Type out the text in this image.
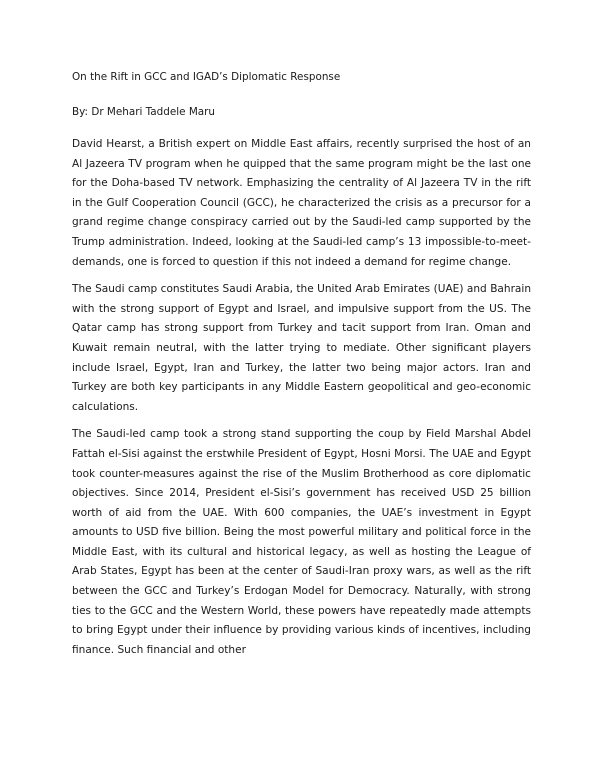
On the Rift in GCC and IGAD’s Diplomatic Response
By: Dr Mehari Taddele Maru

David Hearst, a British expert on Middle East affairs, recently surprised the host of an Al Jazeera TV program when he quipped that the same program might be the last one for the Doha-based TV network. Emphasizing the centrality of Al Jazeera TV in the rift in the Gulf Cooperation Council (GCC), he characterized the crisis as a precursor for a grand regime change conspiracy carried out by the Saudi-led camp supported by the Trump administration. Indeed, looking at the Saudi-led camp’s 13 impossible-to-meet-demands, one is forced to question if this not indeed a demand for regime change.

The Saudi camp constitutes Saudi Arabia, the United Arab Emirates (UAE) and Bahrain with the strong support of Egypt and Israel, and impulsive support from the US. The Qatar camp has strong support from Turkey and tacit support from Iran. Oman and Kuwait remain neutral, with the latter trying to mediate. Other significant players include Israel, Egypt, Iran and Turkey, the latter two being major actors. Iran and Turkey are both key participants in any Middle Eastern geopolitical and geo-economic calculations.

The Saudi-led camp took a strong stand supporting the coup by Field Marshal Abdel Fattah el-Sisi against the erstwhile President of Egypt, Hosni Morsi. The UAE and Egypt took counter-measures against the rise of the Muslim Brotherhood as core diplomatic objectives. Since 2014, President el-Sisi’s government has received USD 25 billion worth of aid from the UAE. With 600 companies, the UAE’s investment in Egypt amounts to USD five billion. Being the most powerful military and political force in the Middle East, with its cultural and historical legacy, as well as hosting the League of Arab States, Egypt has been at the center of Saudi-Iran proxy wars, as well as the rift between the GCC and Turkey’s Erdogan Model for Democracy. Naturally, with strong ties to the GCC and the Western World, these powers have repeatedly made attempts to bring Egypt under their influence by providing various kinds of incentives, including finance. Such financial and other
